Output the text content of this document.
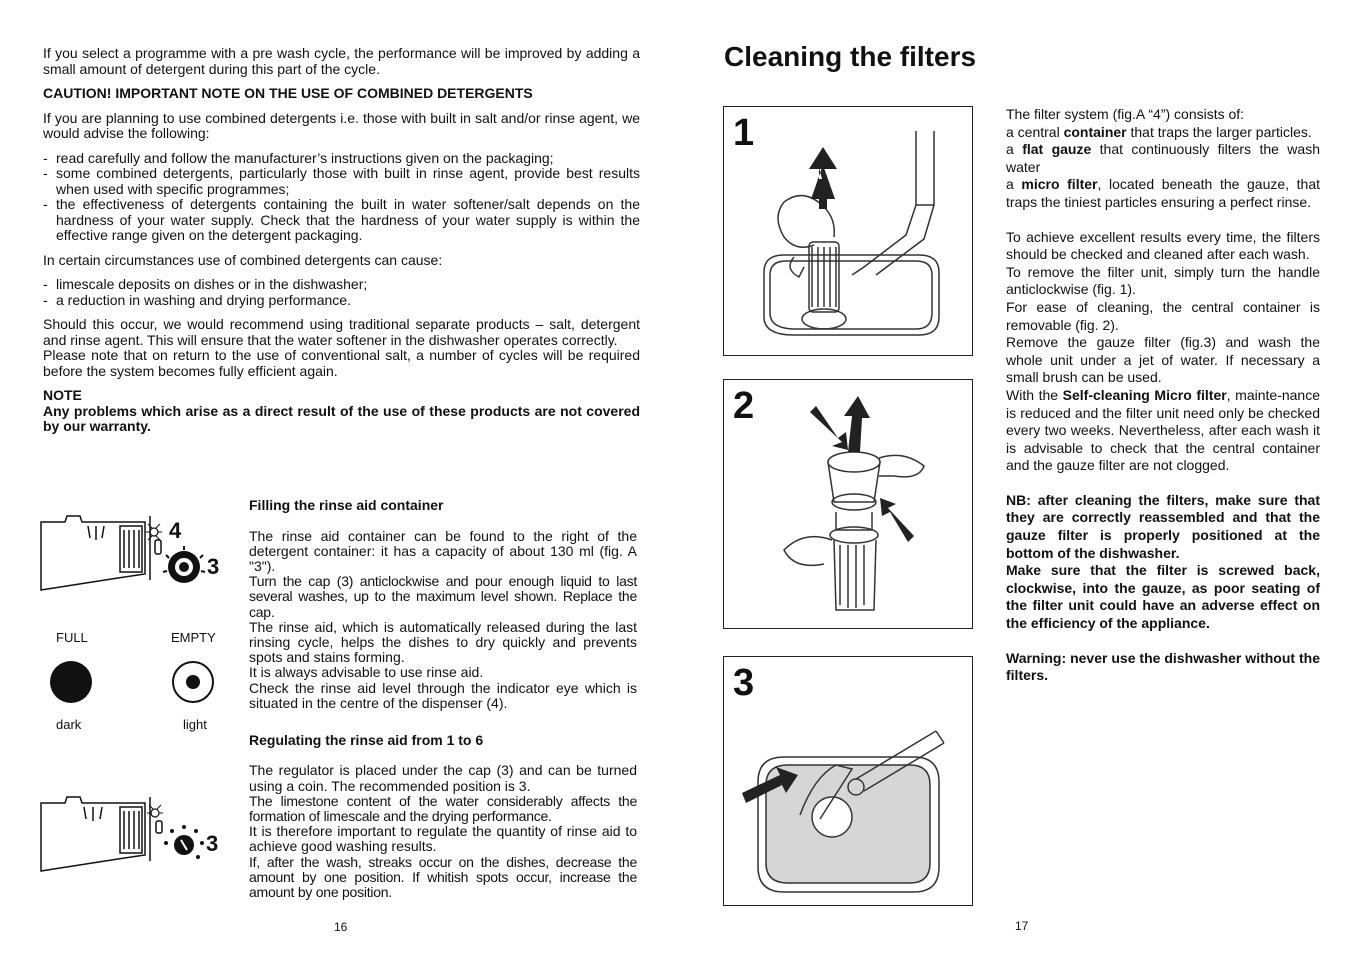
If you select a programme with a pre wash cycle, the performance will be improved by adding a small amount of detergent during this part of the cycle.

CAUTION! IMPORTANT NOTE ON THE USE OF COMBINED DETERGENTS

If you are planning to use combined detergents i.e. those with built in salt and/or rinse agent, we would advise the following:

- read carefully and follow the manufacturer’s instructions given on the packaging;

- some combined detergents, particularly those with built in rinse agent, provide best results when used with specific programmes;

- the effectiveness of detergents containing the built in water softener/salt depends on the hardness of your water supply. Check that the hardness of your water supply is within the effective range given on the detergent packaging.

In certain circumstances use of combined detergents can cause:

- limescale deposits on dishes or in the dishwasher;

- a reduction in washing and drying performance.

Should this occur, we would recommend using traditional separate products – salt, detergent and rinse agent. This will ensure that the water softener in the dishwasher operates correctly.

Please note that on return to the use of conventional salt, a number of cycles will be required before the system becomes fully efficient again.

NOTE

Any problems which arise as a direct result of the use of these products are not covered by our warranty.

4
3
FULL	EMPTY
dark	light
3

Filling the rinse aid container

The rinse aid container can be found to the right of the detergent container: it has a capacity of about 130 ml (fig. A "3").

Turn the cap (3) anticlockwise and pour enough liquid to last several washes, up to the maximum level shown. Replace the cap.

The rinse aid, which is automatically released during the last rinsing cycle, helps the dishes to dry quickly and prevents spots and stains forming.

It is always advisable to use rinse aid.

Check the rinse aid level through the indicator eye which is situated in the centre of the dispenser (4).

Regulating the rinse aid from 1 to 6

The regulator is placed under the cap (3) and can be turned using a coin. The recommended position is 3.

The limestone content of the water considerably affects the formation of limescale and the drying performance.

It is therefore important to regulate the quantity of rinse aid to achieve good washing results.

If, after the wash, streaks occur on the dishes, decrease the amount by one position. If whitish spots occur, increase the amount by one position.

16
Cleaning the filters
1
2
3

The filter system (fig.A “4”) consists of:

a central container that traps the larger particles.

a flat gauze that continuously filters the wash water

a micro filter, located beneath the gauze, that traps the tiniest particles ensuring a perfect rinse.

To achieve excellent results every time, the filters should be checked and cleaned after each wash.

To remove the filter unit, simply turn the handle anticlockwise (fig. 1).

For ease of cleaning, the central container is removable (fig. 2).

Remove the gauze filter (fig.3) and wash the whole unit under a jet of water. If necessary a small brush can be used.

With the Self-cleaning Micro filter, mainte-nance is reduced and the filter unit need only be checked every two weeks. Nevertheless, after each wash it is advisable to check that the central container and the gauze filter are not clogged.

NB: after cleaning the filters, make sure that they are correctly reassembled and that the gauze filter is properly positioned at the bottom of the dishwasher.

Make sure that the filter is screwed back, clockwise, into the gauze, as poor seating of the filter unit could have an adverse effect on the efficiency of the appliance.

Warning: never use the dishwasher without the filters.

17
